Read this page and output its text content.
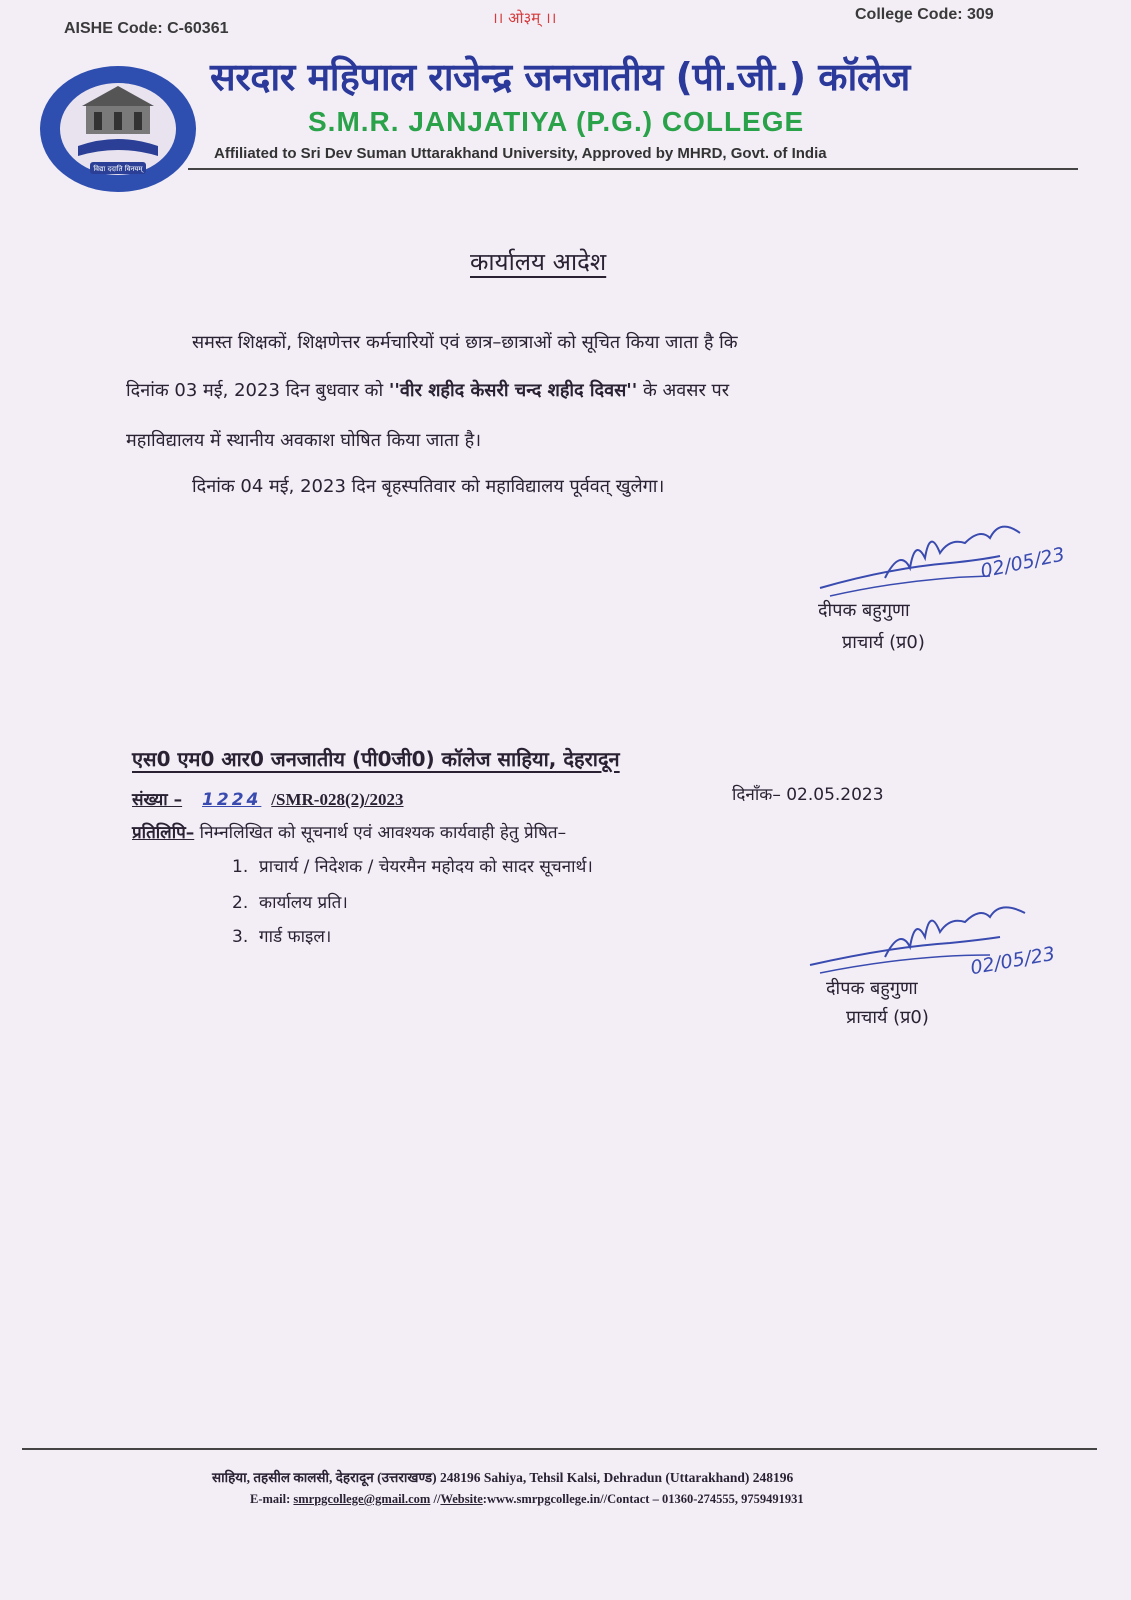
AISHE Code: C-60361
।। ओ३म् ।।	College Code: 309
विद्या ददाति विनयम्
सरदार महिपाल राजेन्द्र जनजातीय (पी.जी.) कॉलेज
S.M.R. JANJATIYA (P.G.) COLLEGE
Affiliated to Sri Dev Suman Uttarakhand University, Approved by MHRD, Govt. of India
कार्यालय आदेश
समस्त शिक्षकों, शिक्षणेत्तर कर्मचारियों एवं छात्र–छात्राओं को सूचित किया जाता है कि
दिनांक 03 मई, 2023 दिन बुधवार को ''वीर शहीद केसरी चन्द शहीद दिवस'' के अवसर पर
महाविद्यालय में स्थानीय अवकाश घोषित किया जाता है।
दिनांक 04 मई, 2023 दिन बृहस्पतिवार को महाविद्यालय पूर्ववत् खुलेगा।
02/05/23
दीपक बहुगुणा
प्राचार्य (प्र0)
एस0 एम0 आर0 जनजातीय (पी0जी0) कॉलेज साहिया, देहरादून
संख्या – 1224 /SMR-028(2)/2023	दिनाँक– 02.05.2023
प्रतिलिपि– निम्नलिखित को सूचनार्थ एवं आवश्यक कार्यवाही हेतु प्रेषित–
1. प्राचार्य / निदेशक / चेयरमैन महोदय को सादर सूचनार्थ।
2. कार्यालय प्रति।
3. गार्ड फाइल।
02/05/23
दीपक बहुगुणा
प्राचार्य (प्र0)
साहिया, तहसील कालसी, देहरादून (उत्तराखण्ड) 248196 Sahiya, Tehsil Kalsi, Dehradun (Uttarakhand) 248196
E-mail: smrpgcollege@gmail.com //Website:www.smrpgcollege.in//Contact – 01360-274555, 9759491931
